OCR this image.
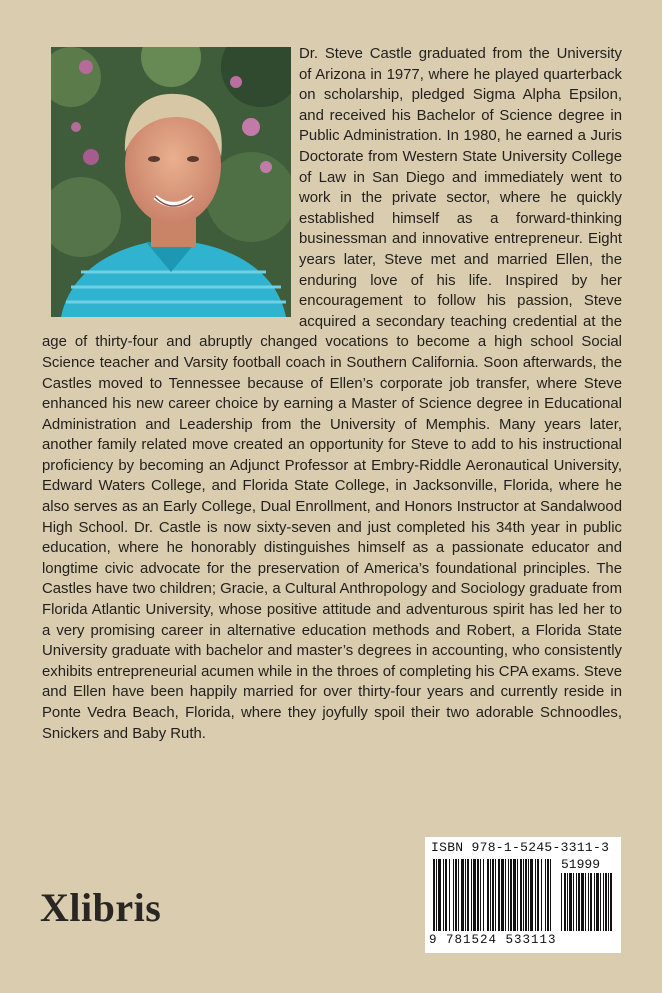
Dr. Steve Castle graduated from the University of Arizona in 1977, where he played quarterback on scholarship, pledged Sigma Alpha Epsilon, and received his Bachelor of Science degree in Public Administration. In 1980, he earned a Juris Doctorate from Western State University College of Law in San Diego and immediately went to work in the private sector, where he quickly established himself as a forward-thinking businessman and innovative entrepreneur. Eight years later, Steve met and married Ellen, the enduring love of his life. Inspired by her encouragement to follow his passion, Steve acquired a secondary teaching credential at the age of thirty-four and abruptly changed vocations to become a high school Social Science teacher and Varsity football coach in Southern California. Soon afterwards, the Castles moved to Tennessee because of Ellen’s corporate job transfer, where Steve enhanced his new career choice by earning a Master of Science degree in Educational Administration and Leadership from the University of Memphis. Many years later, another family related move created an opportunity for Steve to add to his instructional proficiency by becoming an Adjunct Professor at Embry-Riddle Aeronautical University, Edward Waters College, and Florida State College, in Jacksonville, Florida, where he also serves as an Early College, Dual Enrollment, and Honors Instructor at Sandalwood High School. Dr. Castle is now sixty-seven and just completed his 34th year in public education, where he honorably distinguishes himself as a passionate educator and longtime civic advocate for the preservation of America’s foundational principles. The Castles have two children; Gracie, a Cultural Anthropology and Sociology graduate from Florida Atlantic University, whose positive attitude and adventurous spirit has led her to a very promising career in alternative education methods and Robert, a Florida State University graduate with bachelor and master’s degrees in accounting, who consistently exhibits entrepreneurial acumen while in the throes of completing his CPA exams. Steve and Ellen have been happily married for over thirty-four years and currently reside in Ponte Vedra Beach, Florida, where they joyfully spoil their two adorable Schnoodles, Snickers and Baby Ruth.

Xlibris
ISBN 978-1-5245-3311-3
51999
9 781524 533113
